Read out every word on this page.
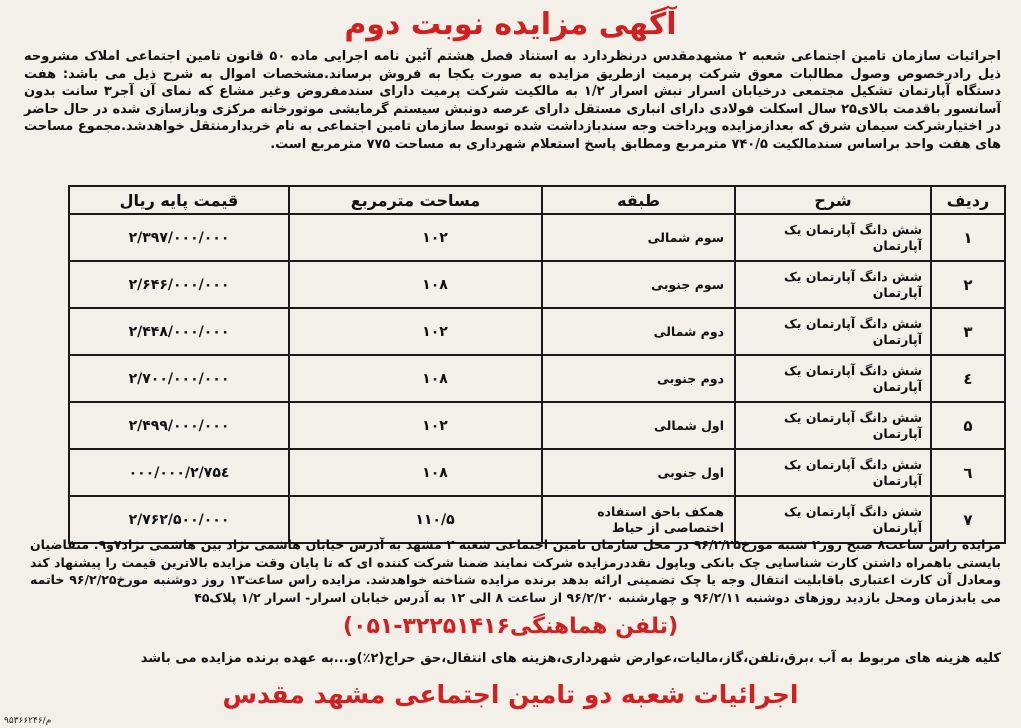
آگهی مزایده نوبت دوم
اجرائیات سازمان تامین اجتماعی شعبه ۲ مشهدمقدس درنظردارد به استناد فصل هشتم آئین نامه اجرایی ماده ۵۰ قانون تامین اجتماعی املاک مشروحه ذیل رادرخصوص وصول مطالبات معوق شرکت پرمیت ازطریق مزایده به صورت یکجا به فروش برساند.مشخصات اموال به شرح ذیل می باشد: هفت دستگاه آپارتمان تشکیل مجتمعی درخیابان اسرار نبش اسرار ۱/۲ به مالکیت شرکت پرمیت دارای سندمفروض وغیر مشاع که نمای آن آجر۳ سانت بدون آسانسور باقدمت بالای۲۵ سال اسکلت فولادی دارای انباری مستقل دارای عرصه دونبش سیستم گرمایشی موتورخانه مرکزی وبازسازی شده در حال حاضر در اختیارشرکت سیمان شرق که بعدازمزایده وپرداخت وجه سندبازداشت شده توسط سازمان تامین اجتماعی به نام خریدارمنتقل خواهدشد.مجموع مساحت های هفت واحد براساس سندمالکیت ۷۴۰/۵ مترمربع ومطابق پاسخ استعلام شهرداری به مساحت ۷۷۵ مترمربع است.
ردیف	شرح	طبقه	مساحت مترمربع	قیمت پایه ریال
۱	شش دانگ آپارتمان یک آپارتمان	سوم شمالی	۱۰۲	۲/۳۹۷/۰۰۰/۰۰۰
۲	شش دانگ آپارتمان یک آپارتمان	سوم جنوبی	۱۰۸	۲/۶۴۶/۰۰۰/۰۰۰
۳	شش دانگ آپارتمان یک آپارتمان	دوم شمالی	۱۰۲	۲/۴۴۸/۰۰۰/۰۰۰
٤	شش دانگ آپارتمان یک آپارتمان	دوم جنوبی	۱۰۸	۲/۷۰۰/۰۰۰/۰۰۰
۵	شش دانگ آپارتمان یک آپارتمان	اول شمالی	۱۰۲	۲/۴۹۹/۰۰۰/۰۰۰
٦	شش دانگ آپارتمان یک آپارتمان	اول جنوبی	۱۰۸	۲/۷۵٤/۰۰۰/۰۰۰
۷	شش دانگ آپارتمان یک آپارتمان	همکف باحق استفاده اختصاصی از حیاط	۱۱۰/۵	۲/۷۶۲/۵۰۰/۰۰۰
مزایده راس ساعت۸ صبح روز۲ شنبه مورخ۹۶/۲/۲۵ در محل سازمان تامین اجتماعی شعبه ۲ مشهد به آدرس خیابان هاشمی نژاد بین هاشمی نژاد۷و۹. متقاضیان بایستی باهمراه داشتن کارت شناسایی چک بانکی ویاپول نقددرمزایده شرکت نمایند ضمنا شرکت کننده ای که تا پایان وقت مزایده بالاترین قیمت را پیشنهاد کند ومعادل آن کارت اعتباری باقابلیت انتقال وجه یا چک تضمینی ارائه بدهد برنده مزایده شناخته خواهدشد. مزایده راس ساعت۱۳ روز دوشنبه مورخ۹۶/۲/۲۵ خاتمه می یابدزمان ومحل بازدید روزهای دوشنبه ۹۶/۲/۱۱ و چهارشنبه ۹۶/۲/۲۰ از ساعت ۸ الی ۱۲ به آدرس خیابان اسرار- اسرار ۱/۲ پلاک۴۵
(تلفن هماهنگی۳۲۲۵۱۴۱۶-۰۵۱)
کلیه هزینه های مربوط به آب ،برق،تلفن،گاز،مالیات،عوارض شهرداری،هزینه های انتقال،حق حراج(۲٪)و...به عهده برنده مزایده می باشد
اجرائیات شعبه دو تامین اجتماعی مشهد مقدس
۹۵۳۶۶۲۴۶/م
